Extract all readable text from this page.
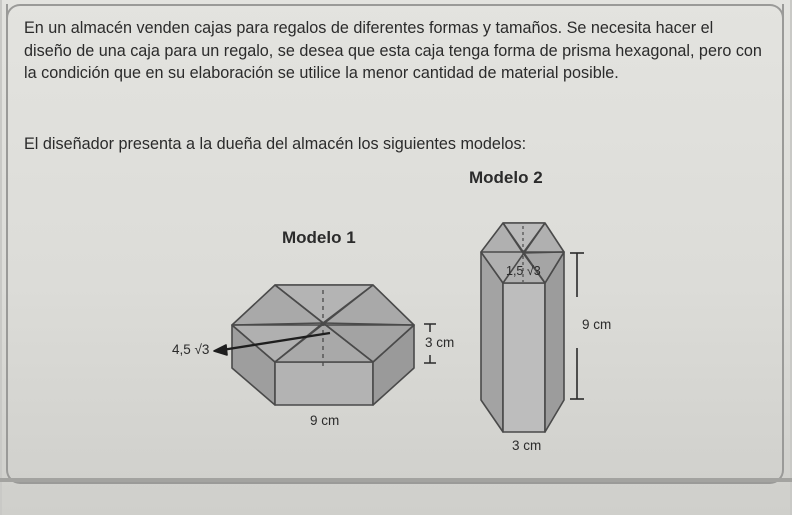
En un almacén venden cajas para regalos de diferentes formas y tamaños. Se necesita hacer el diseño de una caja para un regalo, se desea que esta caja tenga forma de prisma hexagonal, pero con la condición que en su elaboración se utilice la menor cantidad de material posible.

El diseñador presenta a la dueña del almacén los siguientes modelos:

Modelo 1
Modelo 2
4,5 √3	3 cm
9 cm
1,5 √3
9 cm
3 cm
